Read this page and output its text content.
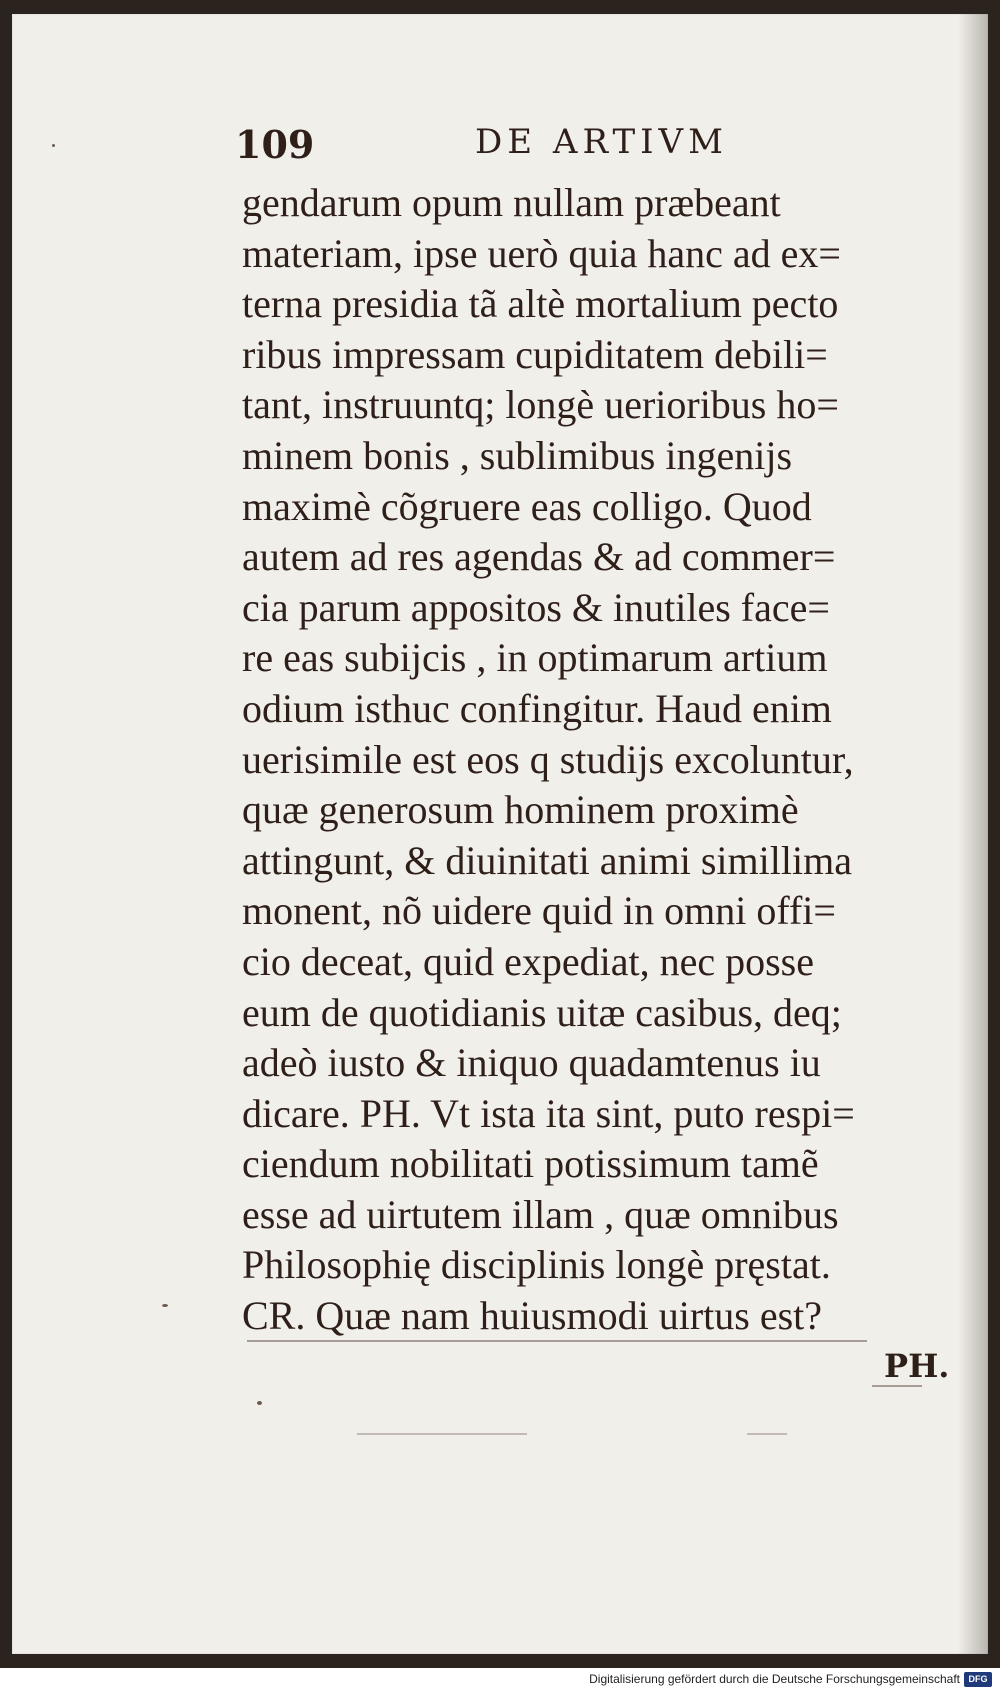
109	DE ARTIVM
gendarum opum nullam præbeant
materiam, ipse uerò quia hanc ad ex=
terna presidia tã altè mortalium pecto
ribus impressam cupiditatem debili=
tant, instruuntq; longè uerioribus ho=
minem bonis , sublimibus ingenijs
maximè cõgruere eas colligo. Quod
autem ad res agendas & ad commer=
cia parum appositos & inutiles face=
re eas subijcis , in optimarum artium
odium isthuc confingitur. Haud enim
uerisimile est eos q studijs excoluntur,
quæ generosum hominem proximè
attingunt, & diuinitati animi simillima
monent, nõ uidere quid in omni offi=
cio deceat, quid expediat, nec posse
eum de quotidianis uitæ casibus, deq;
adeò iusto & iniquo quadamtenus iu
dicare. PH. Vt ista ita sint, puto respi=
ciendum nobilitati potissimum tamẽ
esse ad uirtutem illam , quæ omnibus
Philosophię disciplinis longè pręstat.
CR. Quæ nam huiusmodi uirtus est?
PH.
Digitalisierung gefördert durch die Deutsche Forschungsgemeinschaft DFG
